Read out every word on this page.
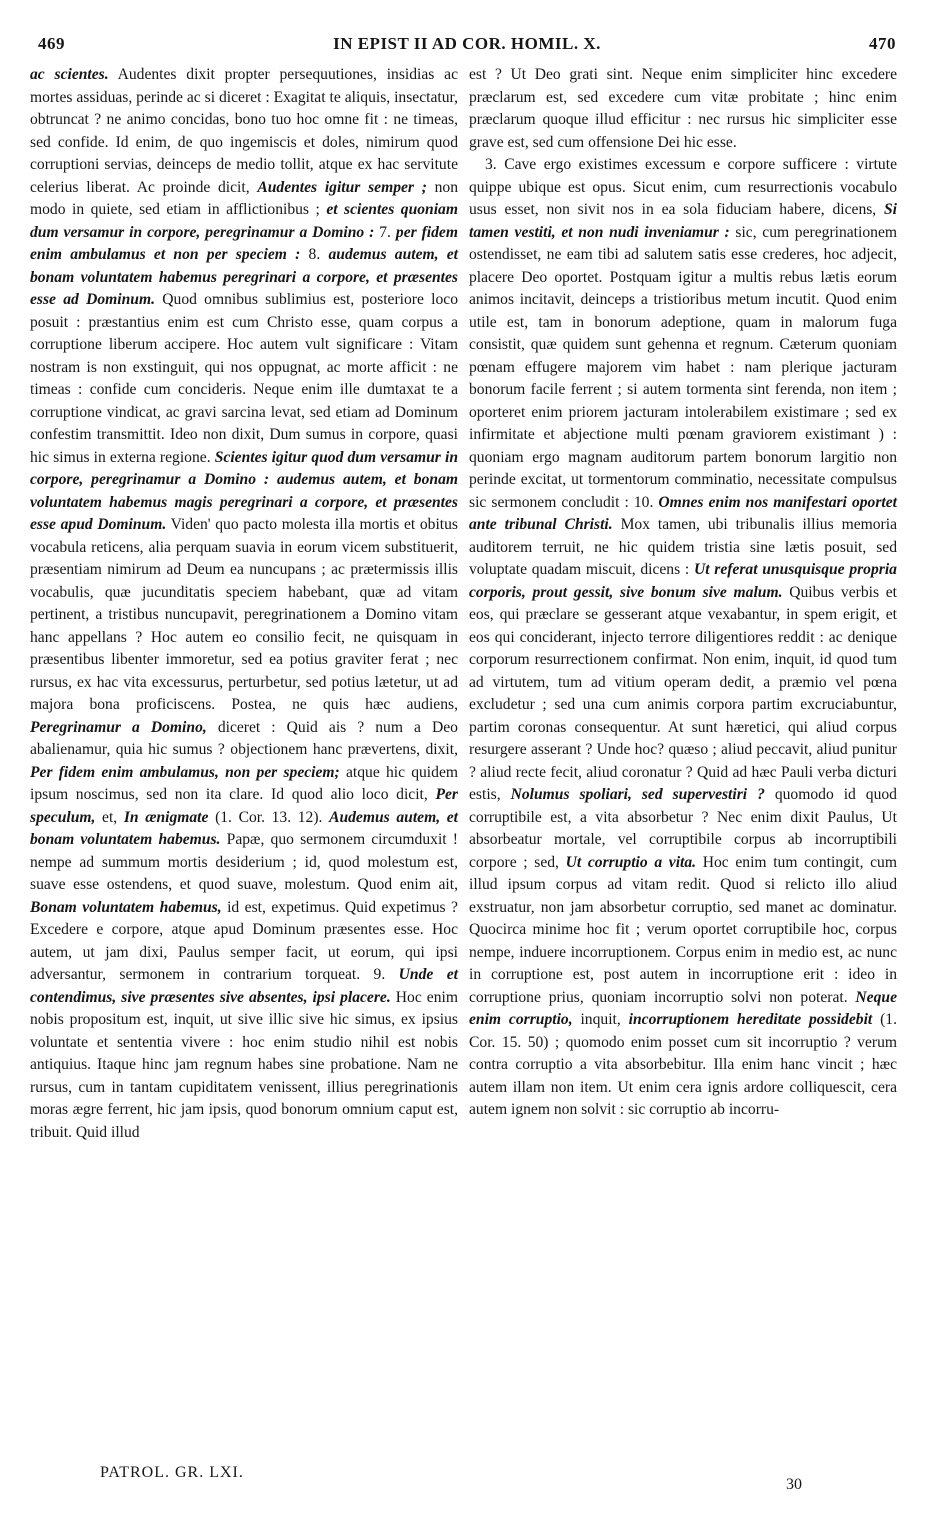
469	IN EPIST II AD COR. HOMIL. X.	470

ac scientes. Audentes dixit propter persequutiones, insidias ac mortes assiduas, perinde ac si diceret : Exagitat te aliquis, insectatur, obtruncat ? ne animo concidas, bono tuo hoc omne fit : ne timeas, sed confide. Id enim, de quo ingemiscis et doles, nimirum quod corruptioni servias, deinceps de medio tollit, atque ex hac servitute celerius liberat. Ac proinde dicit, Audentes igitur semper ; non modo in quiete, sed etiam in afflictionibus ; et scientes quoniam dum versamur in corpore, peregrinamur a Domino : 7. per fidem enim ambulamus et non per speciem : 8. audemus autem, et bonam voluntatem habemus peregrinari a corpore, et præsentes esse ad Dominum. Quod omnibus sublimius est, posteriore loco posuit : præstantius enim est cum Christo esse, quam corpus a corruptione liberum accipere. Hoc autem vult significare : Vitam nostram is non exstinguit, qui nos oppugnat, ac morte afficit : ne timeas : confide cum concideris. Neque enim ille dumtaxat te a corruptione vindicat, ac gravi sarcina levat, sed etiam ad Dominum confestim transmittit. Ideo non dixit, Dum sumus in corpore, quasi hic simus in externa regione. Scientes igitur quod dum versamur in corpore, peregrinamur a Domino : audemus autem, et bonam voluntatem habemus magis peregrinari a corpore, et præsentes esse apud Dominum. Viden' quo pacto molesta illa mortis et obitus vocabula reticens, alia perquam suavia in eorum vicem substituerit, præsentiam nimirum ad Deum ea nuncupans ; ac prætermissis illis vocabulis, quæ jucunditatis speciem habebant, quæ ad vitam pertinent, a tristibus nuncupavit, peregrinationem a Domino vitam hanc appellans ? Hoc autem eo consilio fecit, ne quisquam in præsentibus libenter immoretur, sed ea potius graviter ferat ; nec rursus, ex hac vita excessurus, perturbetur, sed potius lætetur, ut ad majora bona proficiscens. Postea, ne quis hæc audiens, Peregrinamur a Domino, diceret : Quid ais ? num a Deo abalienamur, quia hic sumus ? objectionem hanc prævertens, dixit, Per fidem enim ambulamus, non per speciem; atque hic quidem ipsum noscimus, sed non ita clare. Id quod alio loco dicit, Per speculum, et, In ænigmate (1. Cor. 13. 12). Audemus autem, et bonam voluntatem habemus. Papæ, quo sermonem circumduxit ! nempe ad summum mortis desiderium ; id, quod molestum est, suave esse ostendens, et quod suave, molestum. Quod enim ait, Bonam voluntatem habemus, id est, expetimus. Quid expetimus ? Excedere e corpore, atque apud Dominum præsentes esse. Hoc autem, ut jam dixi, Paulus semper facit, ut eorum, qui ipsi adversantur, sermonem in contrarium torqueat. 9. Unde et contendimus, sive præsentes sive absentes, ipsi placere. Hoc enim nobis propositum est, inquit, ut sive illic sive hic simus, ex ipsius voluntate et sententia vivere : hoc enim studio nihil est nobis antiquius. Itaque hinc jam regnum habes sine probatione. Nam ne rursus, cum in tantam cupiditatem venissent, illius peregrinationis moras ægre ferrent, hic jam ipsis, quod bonorum omnium caput est, tribuit. Quid illud

est ? Ut Deo grati sint. Neque enim simpliciter hinc excedere præclarum est, sed excedere cum vitæ probitate ; hinc enim præclarum quoque illud efficitur : nec rursus hic simpliciter esse grave est, sed cum offensione Dei hic esse.

3. Cave ergo existimes excessum e corpore sufficere : virtute quippe ubique est opus. Sicut enim, cum resurrectionis vocabulo usus esset, non sivit nos in ea sola fiduciam habere, dicens, Si tamen vestiti, et non nudi inveniamur : sic, cum peregrinationem ostendisset, ne eam tibi ad salutem satis esse crederes, hoc adjecit, placere Deo oportet. Postquam igitur a multis rebus lætis eorum animos incitavit, deinceps a tristioribus metum incutit. Quod enim utile est, tam in bonorum adeptione, quam in malorum fuga consistit, quæ quidem sunt gehenna et regnum. Cæterum quoniam pœnam effugere majorem vim habet : nam plerique jacturam bonorum facile ferrent ; si autem tormenta sint ferenda, non item ; oporteret enim priorem jacturam intolerabilem existimare ; sed ex infirmitate et abjectione multi pœnam graviorem existimant ) : quoniam ergo magnam auditorum partem bonorum largitio non perinde excitat, ut tormentorum comminatio, necessitate compulsus sic sermonem concludit : 10. Omnes enim nos manifestari oportet ante tribunal Christi. Mox tamen, ubi tribunalis illius memoria auditorem terruit, ne hic quidem tristia sine lætis posuit, sed voluptate quadam miscuit, dicens : Ut referat unusquisque propria corporis, prout gessit, sive bonum sive malum. Quibus verbis et eos, qui præclare se gesserant atque vexabantur, in spem erigit, et eos qui conciderant, injecto terrore diligentiores reddit : ac denique corporum resurrectionem confirmat. Non enim, inquit, id quod tum ad virtutem, tum ad vitium operam dedit, a præmio vel pœna excludetur ; sed una cum animis corpora partim excruciabuntur, partim coronas consequentur. At sunt hæretici, qui aliud corpus resurgere asserant ? Unde hoc? quæso ; aliud peccavit, aliud punitur ? aliud recte fecit, aliud coronatur ? Quid ad hæc Pauli verba dicturi estis, Nolumus spoliari, sed supervestiri ? quomodo id quod corruptibile est, a vita absorbetur ? Nec enim dixit Paulus, Ut absorbeatur mortale, vel corruptibile corpus ab incorruptibili corpore ; sed, Ut corruptio a vita. Hoc enim tum contingit, cum illud ipsum corpus ad vitam redit. Quod si relicto illo aliud exstruatur, non jam absorbetur corruptio, sed manet ac dominatur. Quocirca minime hoc fit ; verum oportet corruptibile hoc, corpus nempe, induere incorruptionem. Corpus enim in medio est, ac nunc in corruptione est, post autem in incorruptione erit : ideo in corruptione prius, quoniam incorruptio solvi non poterat. Neque enim corruptio, inquit, incorruptionem hereditate possidebit (1. Cor. 15. 50) ; quomodo enim posset cum sit incorruptio ? verum contra corruptio a vita absorbebitur. Illa enim hanc vincit ; hæc autem illam non item. Ut enim cera ignis ardore colliquescit, cera autem ignem non solvit : sic corruptio ab incorru-

PATROL. GR. LXI.
30
